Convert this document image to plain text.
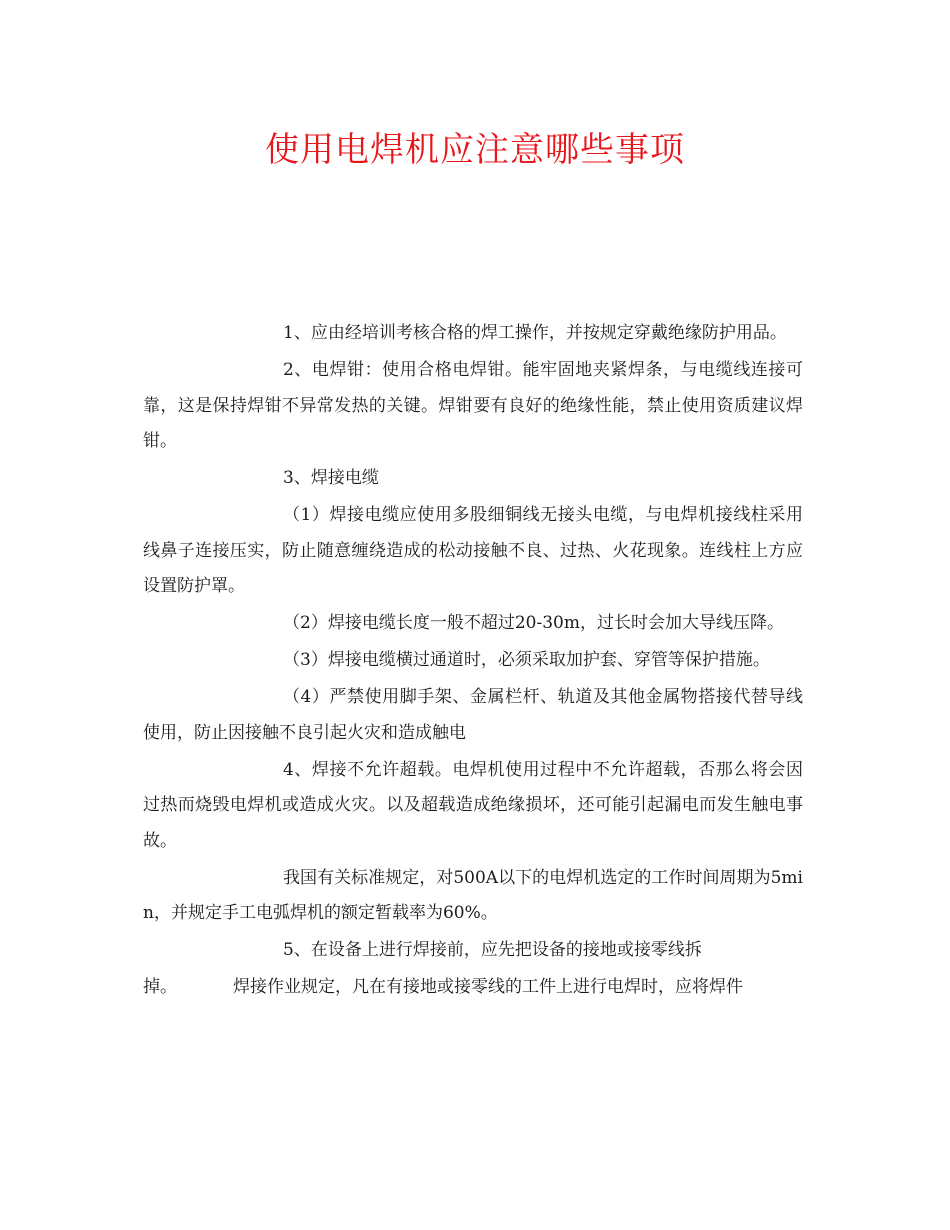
使用电焊机应注意哪些事项

1、应由经培训考核合格的焊工操作，并按规定穿戴绝缘防护用品。

2、电焊钳：使用合格电焊钳。能牢固地夹紧焊条，与电缆线连接可靠，这是保持焊钳不异常发热的关键。焊钳要有良好的绝缘性能，禁止使用资质建议焊钳。

3、焊接电缆

（1）焊接电缆应使用多股细铜线无接头电缆，与电焊机接线柱采用线鼻子连接压实，防止随意缠绕造成的松动接触不良、过热、火花现象。连线柱上方应设置防护罩。

（2）焊接电缆长度一般不超过20-30m，过长时会加大导线压降。

（3）焊接电缆横过通道时，必须采取加护套、穿管等保护措施。

（4）严禁使用脚手架、金属栏杆、轨道及其他金属物搭接代替导线使用，防止因接触不良引起火灾和造成触电

4、焊接不允许超载。电焊机使用过程中不允许超载，否那么将会因过热而烧毁电焊机或造成火灾。以及超载造成绝缘损坏，还可能引起漏电而发生触电事故。

我国有关标准规定，对500A以下的电焊机选定的工作时间周期为5min，并规定手工电弧焊机的额定暂载率为60%。

5、在设备上进行焊接前，应先把设备的接地或接零线拆

掉。	焊接作业规定，凡在有接地或接零线的工件上进行电焊时，应将焊件
